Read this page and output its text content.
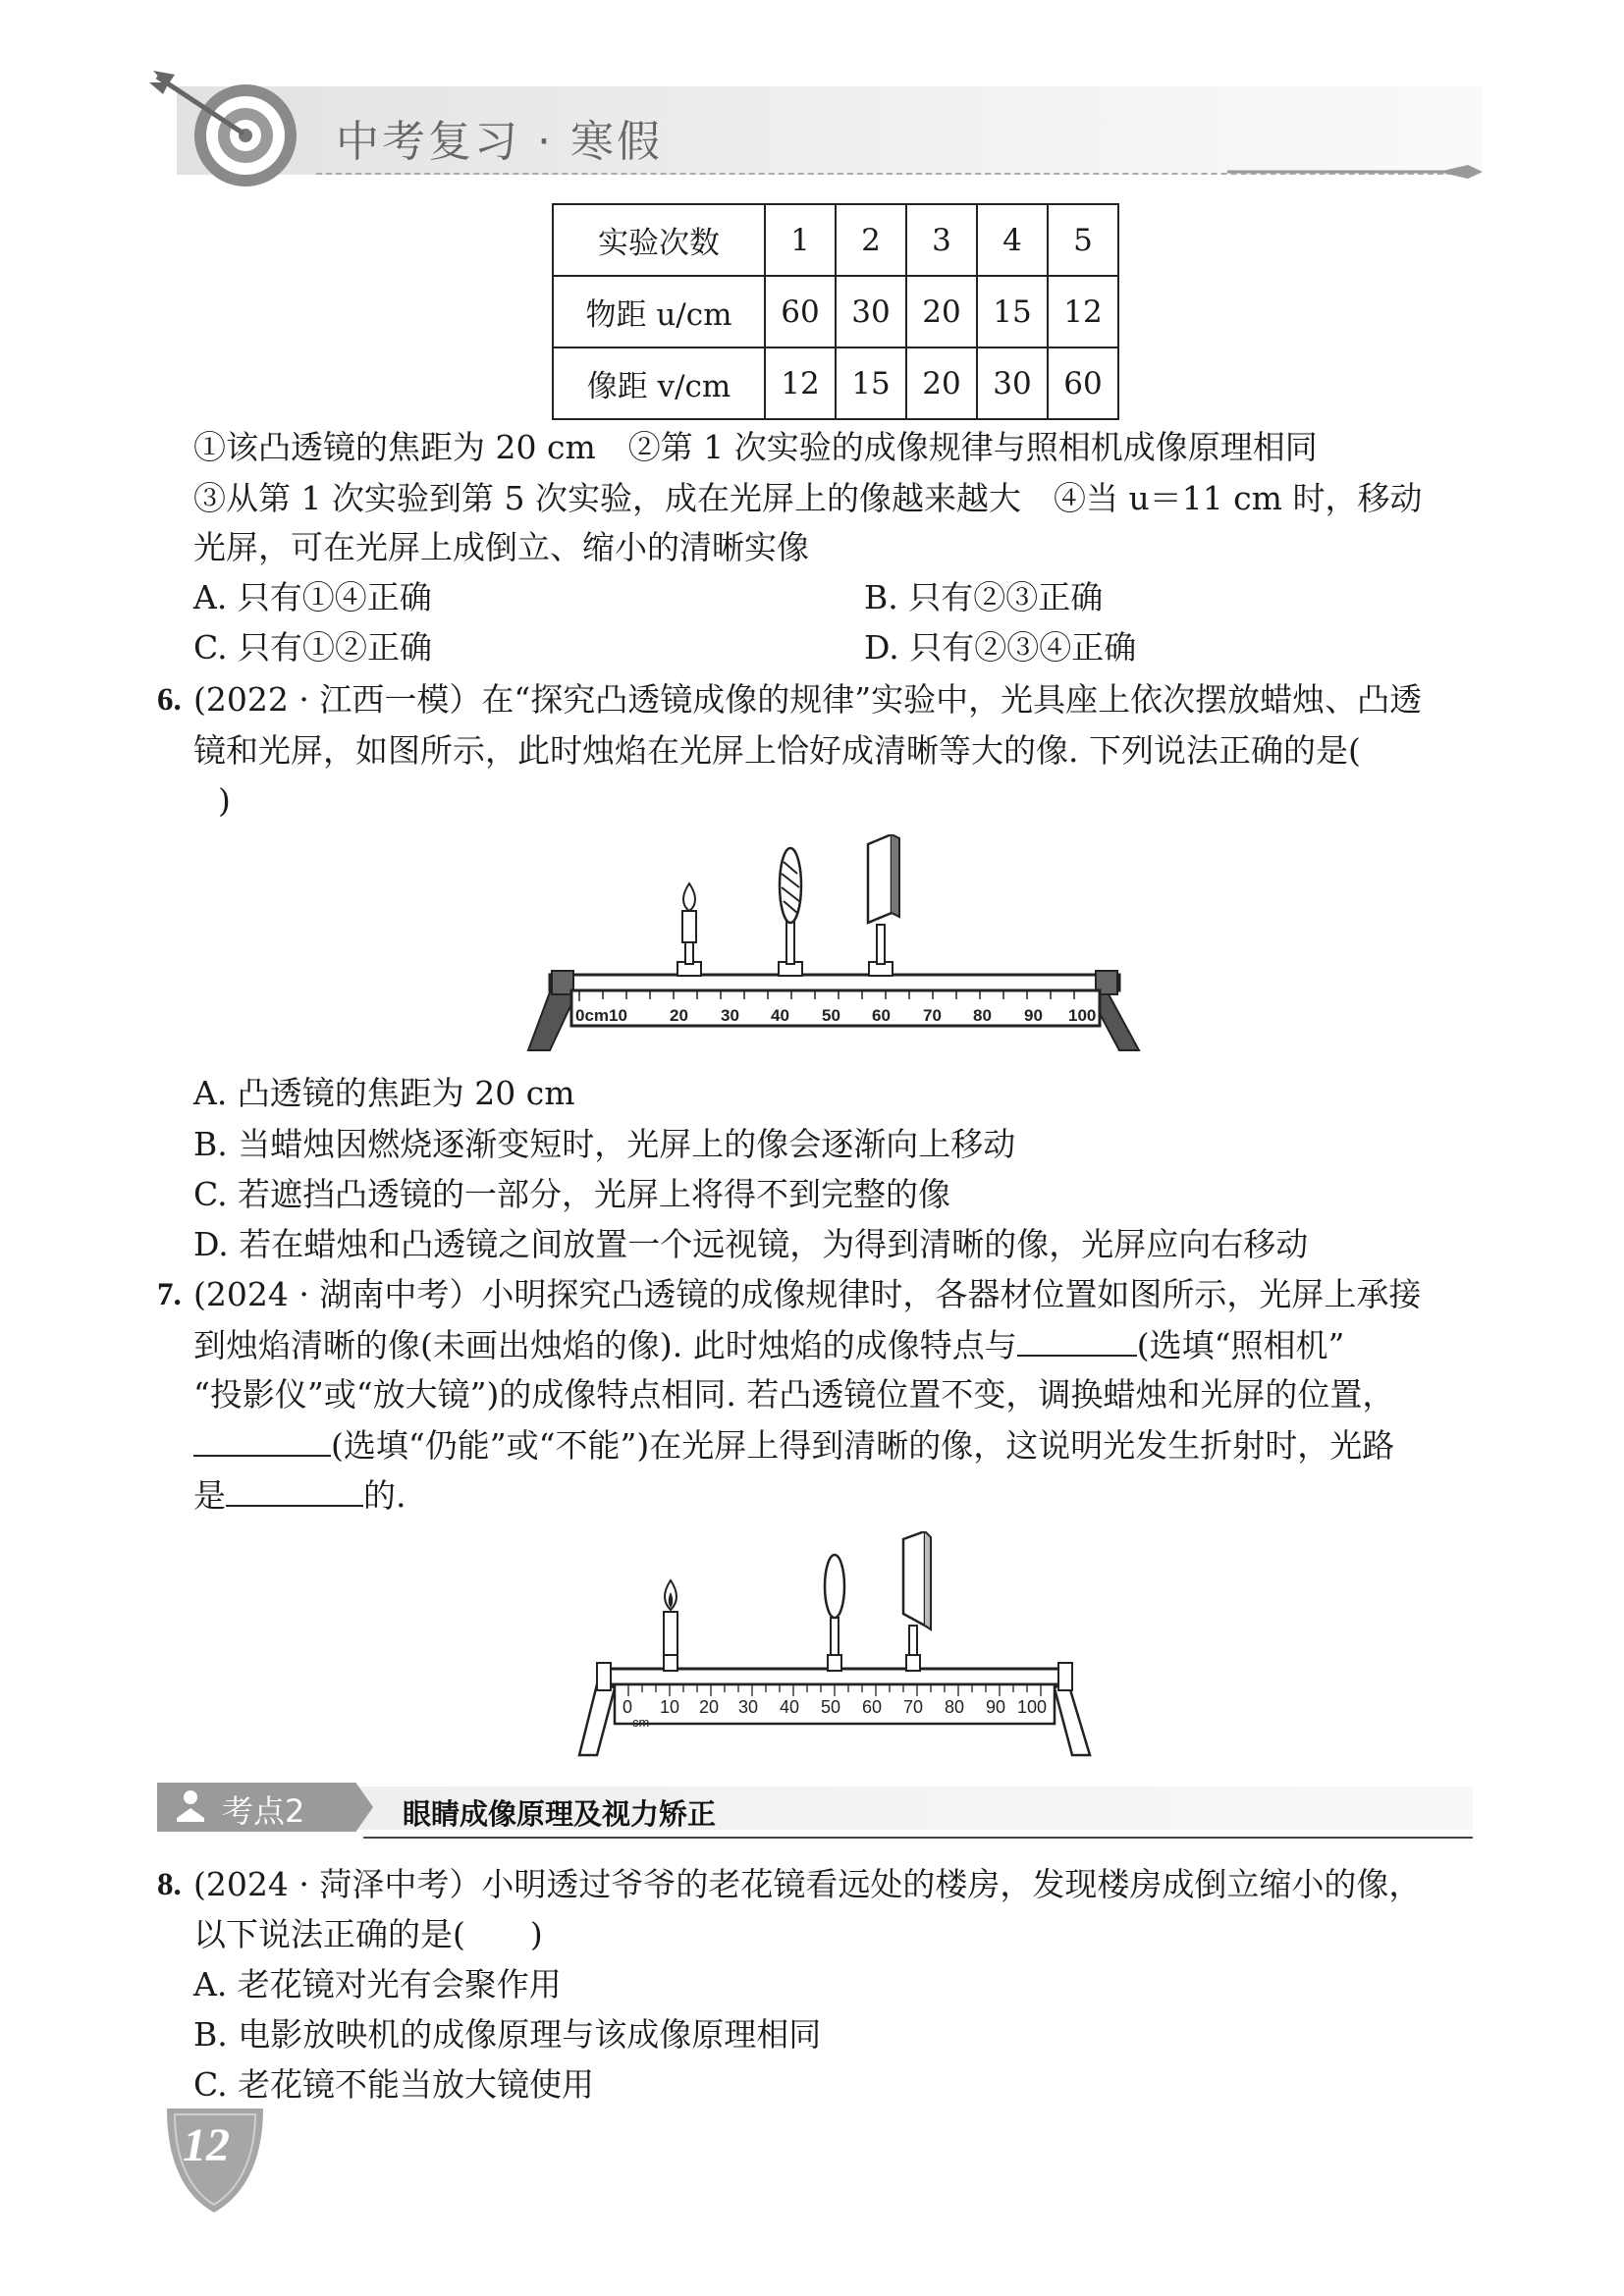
中考复习 · 寒假
实验次数	1	2	3	4	5
物距 u/cm	60	30	20	15	12
像距 v/cm	12	15	20	30	60
①该凸透镜的焦距为 20 cm　②第 1 次实验的成像规律与照相机成像原理相同
③从第 1 次实验到第 5 次实验，成在光屏上的像越来越大　④当 u＝11 cm 时，移动
光屏，可在光屏上成倒立、缩小的清晰实像
A. 只有①④正确	B. 只有②③正确
C. 只有①②正确	D. 只有②③④正确
6. (2022 · 江西一模）在“探究凸透镜成像的规律”实验中，光具座上依次摆放蜡烛、凸透
镜和光屏，如图所示，此时烛焰在光屏上恰好成清晰等大的像. 下列说法正确的是(
)
0cm10	20 30 40 50 60 70 80 90 100
A. 凸透镜的焦距为 20 cm
B. 当蜡烛因燃烧逐渐变短时，光屏上的像会逐渐向上移动
C. 若遮挡凸透镜的一部分，光屏上将得不到完整的像
D. 若在蜡烛和凸透镜之间放置一个远视镜，为得到清晰的像，光屏应向右移动
7. (2024 · 湖南中考）小明探究凸透镜的成像规律时，各器材位置如图所示，光屏上承接
到烛焰清晰的像(未画出烛焰的像). 此时烛焰的成像特点与	(选填“照相机”
“投影仪”或“放大镜”)的成像特点相同. 若凸透镜位置不变，调换蜡烛和光屏的位置，
(选填“仍能”或“不能”)在光屏上得到清晰的像，这说明光发生折射时，光路
是	的.
0 10 20 30 40 50 60 70 80 90 100
cm
考点2	眼睛成像原理及视力矫正
8. (2024 · 菏泽中考）小明透过爷爷的老花镜看远处的楼房，发现楼房成倒立缩小的像，
以下说法正确的是(　　)
A. 老花镜对光有会聚作用
B. 电影放映机的成像原理与该成像原理相同
C. 老花镜不能当放大镜使用
12
